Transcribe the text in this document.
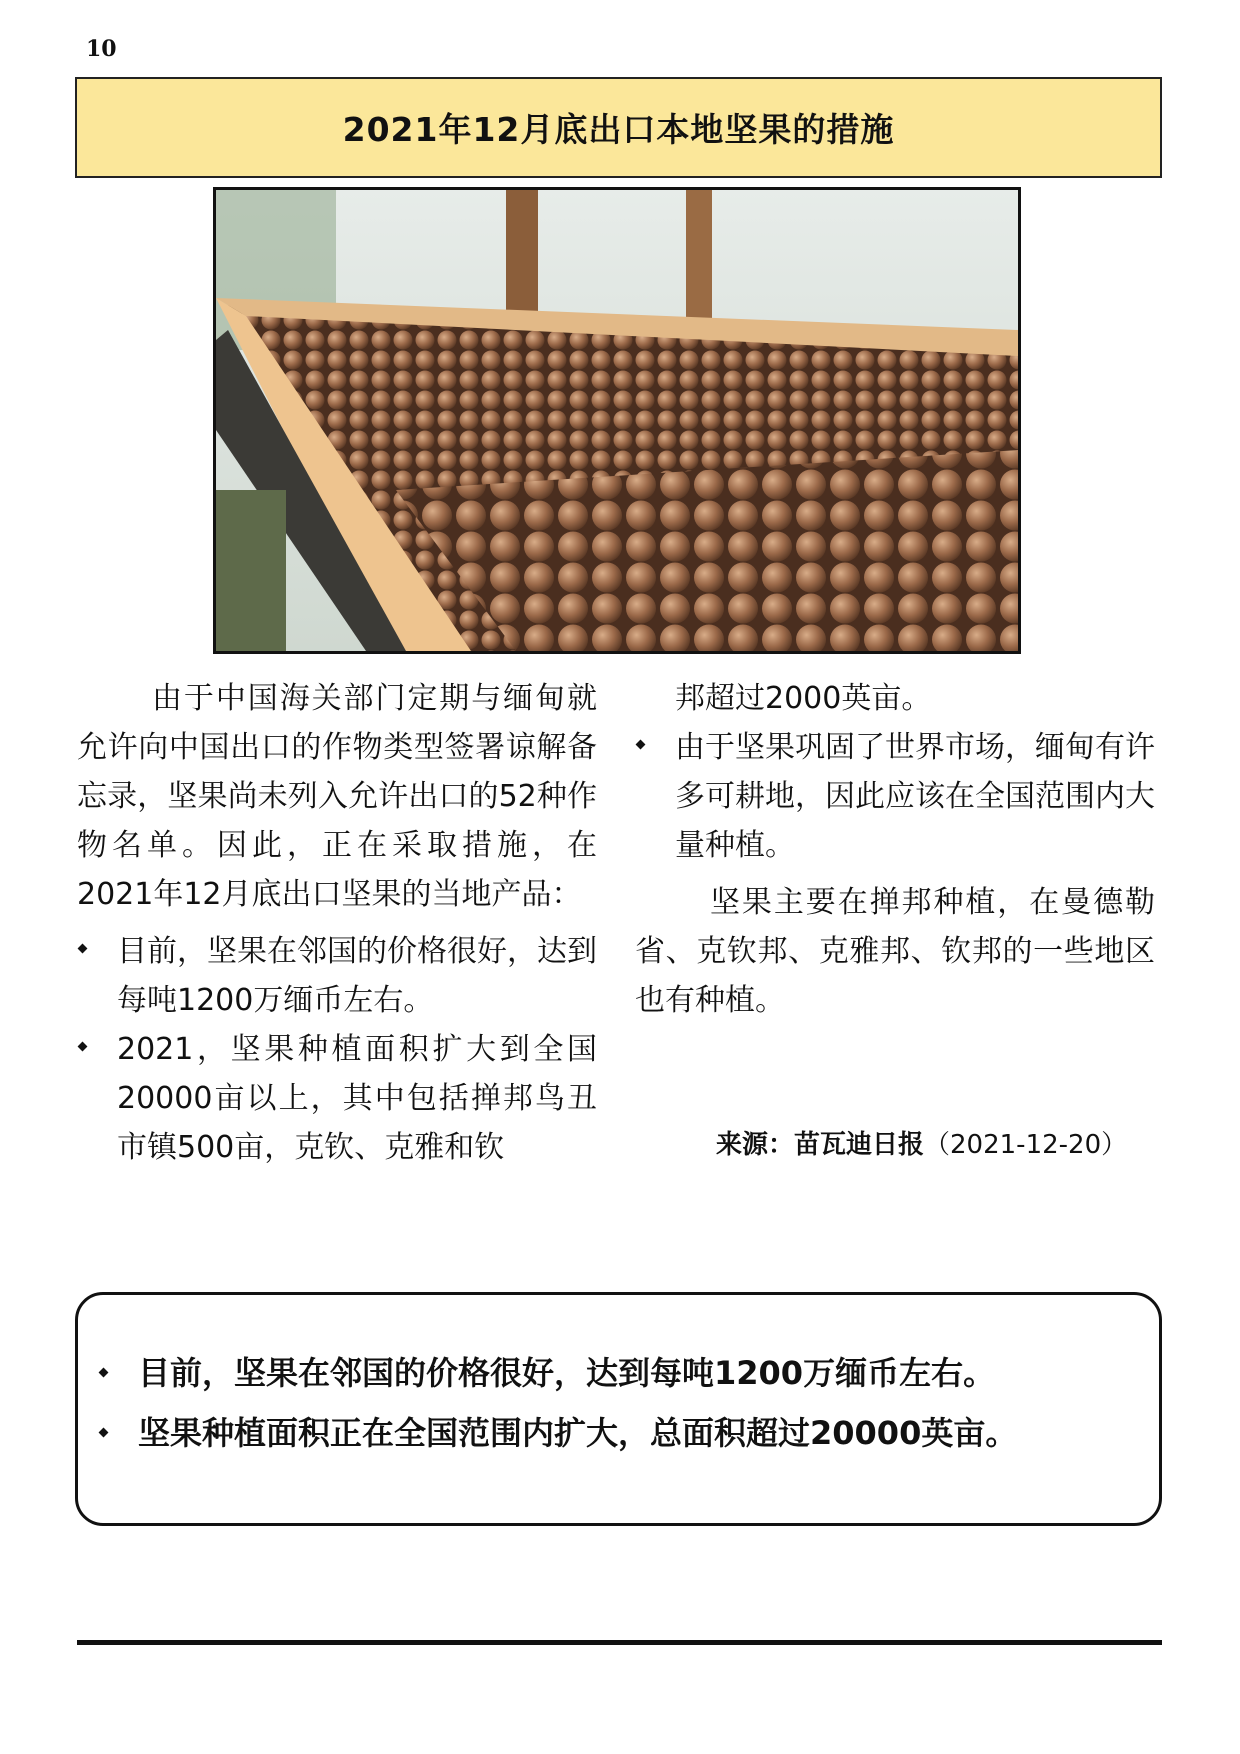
10
2021年12月底出口本地坚果的措施

由于中国海关部门定期与缅甸就允许向中国出口的作物类型签署谅解备忘录，坚果尚未列入允许出口的52种作物名单。因此，正在采取措施，在2021年12月底出口坚果的当地产品：

目前，坚果在邻国的价格很好，达到每吨1200万缅币左右。
2021，坚果种植面积扩大到全国20000亩以上，其中包括掸邦鸟丑市镇500亩，克钦、克雅和钦

邦超过2000英亩。

由于坚果巩固了世界市场，缅甸有许多可耕地，因此应该在全国范围内大量种植。

坚果主要在掸邦种植，在曼德勒省、克钦邦、克雅邦、钦邦的一些地区也有种植。

来源：苗瓦迪日报（2021-12-20）
目前，坚果在邻国的价格很好，达到每吨1200万缅币左右。
坚果种植面积正在全国范围内扩大，总面积超过20000英亩。
